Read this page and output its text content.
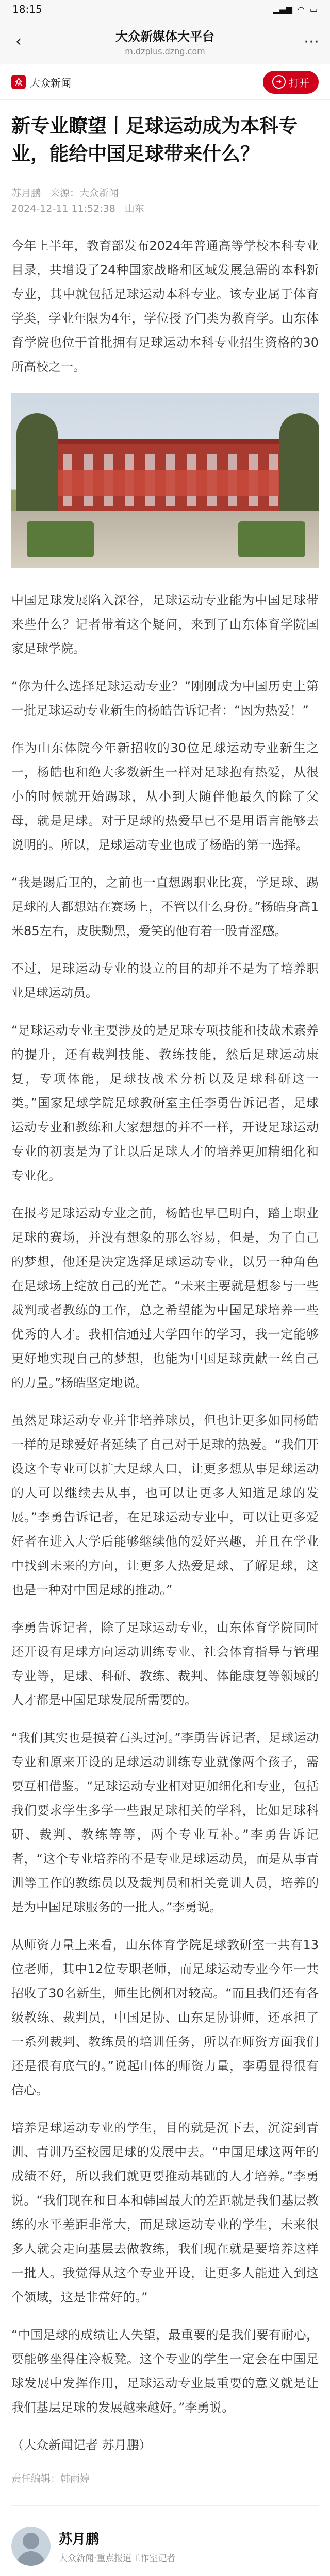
18:15	▂▄▆ ◠ ▭
‹	大众新媒体大平台
m.dzplus.dzng.com
⋯
众 大众新闻	➜ 打开
新专业瞭望丨足球运动成为本科专业，能给中国足球带来什么？
苏月鹏 来源：大众新闻
2024-12-11 11:52:38 山东

今年上半年，教育部发布2024年普通高等学校本科专业目录，共增设了24种国家战略和区域发展急需的本科新专业，其中就包括足球运动本科专业。该专业属于体育学类，学业年限为4年，学位授予门类为教育学。山东体育学院也位于首批拥有足球运动本科专业招生资格的30所高校之一。

中国足球发展陷入深谷，足球运动专业能为中国足球带来些什么？记者带着这个疑问，来到了山东体育学院国家足球学院。

“你为什么选择足球运动专业？”刚刚成为中国历史上第一批足球运动专业新生的杨皓告诉记者：“因为热爱！”

作为山东体院今年新招收的30位足球运动专业新生之一，杨皓也和绝大多数新生一样对足球抱有热爱，从很小的时候就开始踢球，从小到大随伴他最久的除了父母，就是足球。对于足球的热爱早已不是用语言能够去说明的。所以，足球运动专业也成了杨皓的第一选择。

“我是踢后卫的，之前也一直想踢职业比赛，学足球、踢足球的人都想站在赛场上，不管以什么身份。”杨皓身高1米85左右，皮肤黝黑，爱笑的他有着一股青涩感。

不过，足球运动专业的设立的目的却并不是为了培养职业足球运动员。

“足球运动专业主要涉及的是足球专项技能和技战术素养的提升，还有裁判技能、教练技能，然后足球运动康复，专项体能，足球技战术分析以及足球科研这一类。”国家足球学院足球教研室主任李勇告诉记者，足球运动专业和教练和大家想想的并不一样，开设足球运动专业的初衷是为了让以后足球人才的培养更加精细化和专业化。

在报考足球运动专业之前，杨皓也早已明白，踏上职业足球的赛场，并没有想象的那么容易，但是，为了自己的梦想，他还是决定选择足球运动专业，以另一种角色在足球场上绽放自己的光芒。“未来主要就是想参与一些裁判或者教练的工作，总之希望能为中国足球培养一些优秀的人才。我相信通过大学四年的学习，我一定能够更好地实现自己的梦想，也能为中国足球贡献一丝自己的力量。”杨皓坚定地说。

虽然足球运动专业并非培养球员，但也让更多如同杨皓一样的足球爱好者延续了自己对于足球的热爱。“我们开设这个专业可以扩大足球人口，让更多想从事足球运动的人可以继续去从事，也可以让更多人知道足球的发展。”李勇告诉记者，在足球运动专业中，可以让更多爱好者在进入大学后能够继续他的爱好兴趣，并且在学业中找到未来的方向，让更多人热爱足球、了解足球，这也是一种对中国足球的推动。”

李勇告诉记者，除了足球运动专业，山东体育学院同时还开设有足球方向运动训练专业、社会体育指导与管理专业等，足球、科研、教练、裁判、体能康复等领域的人才都是中国足球发展所需要的。

“我们其实也是摸着石头过河。”李勇告诉记者，足球运动专业和原来开设的足球运动训练专业就像两个孩子，需要互相借鉴。“足球运动专业相对更加细化和专业，包括我们要求学生多学一些跟足球相关的学科，比如足球科研、裁判、教练等等，两个专业互补。”李勇告诉记者，“这个专业培养的不是专业足球运动员，而是从事青训等工作的教练员以及裁判员和相关竞训人员，培养的是为中国足球服务的一批人。”李勇说。

从师资力量上来看，山东体育学院足球教研室一共有13位老师，其中12位专职老师，而足球运动专业今年一共招收了30名新生，师生比例相对较高。“而且我们还有各级教练、裁判员，中国足协、山东足协讲师，还承担了一系列裁判、教练员的培训任务，所以在师资方面我们还是很有底气的。”说起山体的师资力量，李勇显得很有信心。

培养足球运动专业的学生，目的就是沉下去，沉淀到青训、青训乃至校园足球的发展中去。“中国足球这两年的成绩不好，所以我们就更要推动基础的人才培养。”李勇说。“我们现在和日本和韩国最大的差距就是我们基层教练的水平差距非常大，而足球运动专业的学生，未来很多人就会走向基层去做教练，我们现在就是要培养这样一批人。我觉得从这个专业开设，让更多人能进入到这个领域，这是非常好的。”

“中国足球的成绩让人失望，最重要的是我们要有耐心，要能够坐得住冷板凳。这个专业的学生一定会在中国足球发展中发挥作用，足球运动专业最重要的意义就是让我们基层足球的发展越来越好。”李勇说。

（大众新闻记者 苏月鹏）

责任编辑：韩雨婷
苏月鹏
大众新闻·重点报道工作室记者
